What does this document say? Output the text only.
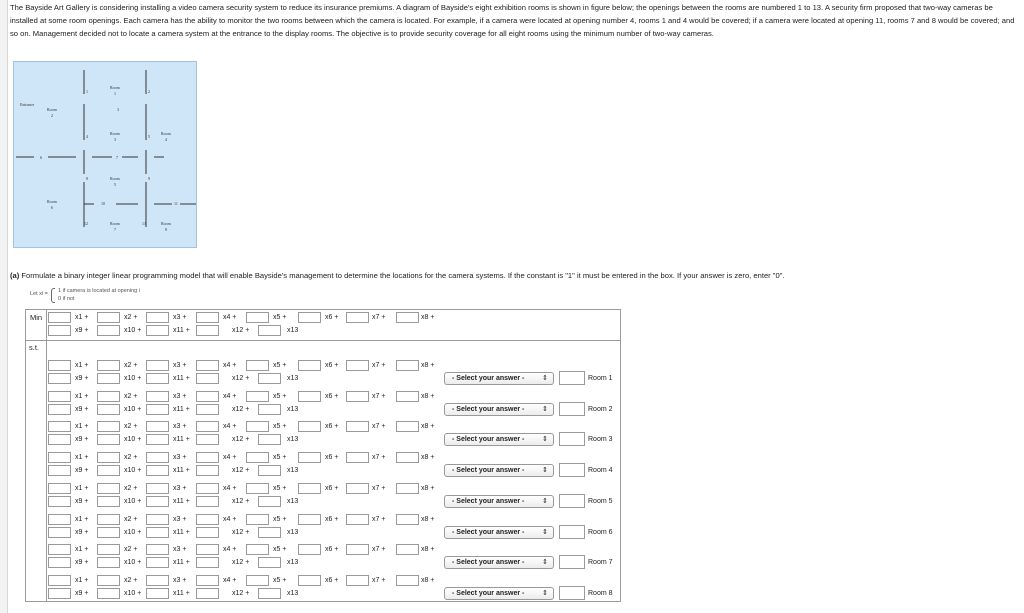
The Bayside Art Gallery is considering installing a video camera security system to reduce its insurance premiums. A diagram of Bayside's eight exhibition rooms is shown in figure below; the openings between the rooms are numbered 1 to 13. A security firm proposed that two-way cameras be installed at some room openings. Each camera has the ability to monitor the two rooms between which the camera is located. For example, if a camera were located at opening number 4, rooms 1 and 4 would be covered; if a camera were located at opening 11, rooms 7 and 8 would be covered; and so on. Management decided not to locate a camera system at the entrance to the display rooms. The objective is to provide security coverage for all eight rooms using the minimum number of two-way cameras.
Entrance
Room
1
Room
2
Room
3
Room
4
Room
5
Room
6
Room
7
Room
8
1	2
3
4	5
6	7
8	9
10	11
12	13
(a) Formulate a binary integer linear programming model that will enable Bayside's management to determine the locations for the camera systems. If the constant is "1" it must be entered in the box. If your answer is zero, enter "0".
Let xi = 1 if camera is located at opening i
0 if not
Min
s.t.
x1 +	x2 +	x3 +	x4 +	x5 +	x6 +	x7 +	x8 +
x9 +	x10 +	x11 +	x12 +	x13
x1 +	x2 +	x3 +	x4 +	x5 +	x6 +	x7 +	x8 +
x9 +	x10 +	x11 +	x12 +	x13	- Select your answer -	⇕	Room 1
x1 +	x2 +	x3 +	x4 +	x5 +	x6 +	x7 +	x8 +
x9 +	x10 +	x11 +	x12 +	x13	- Select your answer -	⇕	Room 2
x1 +	x2 +	x3 +	x4 +	x5 +	x6 +	x7 +	x8 +
x9 +	x10 +	x11 +	x12 +	x13	- Select your answer -	⇕	Room 3
x1 +	x2 +	x3 +	x4 +	x5 +	x6 +	x7 +	x8 +
x9 +	x10 +	x11 +	x12 +	x13	- Select your answer -	⇕	Room 4
x1 +	x2 +	x3 +	x4 +	x5 +	x6 +	x7 +	x8 +
x9 +	x10 +	x11 +	x12 +	x13	- Select your answer -	⇕	Room 5
x1 +	x2 +	x3 +	x4 +	x5 +	x6 +	x7 +	x8 +
x9 +	x10 +	x11 +	x12 +	x13	- Select your answer -	⇕	Room 6
x1 +	x2 +	x3 +	x4 +	x5 +	x6 +	x7 +	x8 +
x9 +	x10 +	x11 +	x12 +	x13	- Select your answer -	⇕	Room 7
x1 +	x2 +	x3 +	x4 +	x5 +	x6 +	x7 +	x8 +
x9 +	x10 +	x11 +	x12 +	x13	- Select your answer -	⇕	Room 8
